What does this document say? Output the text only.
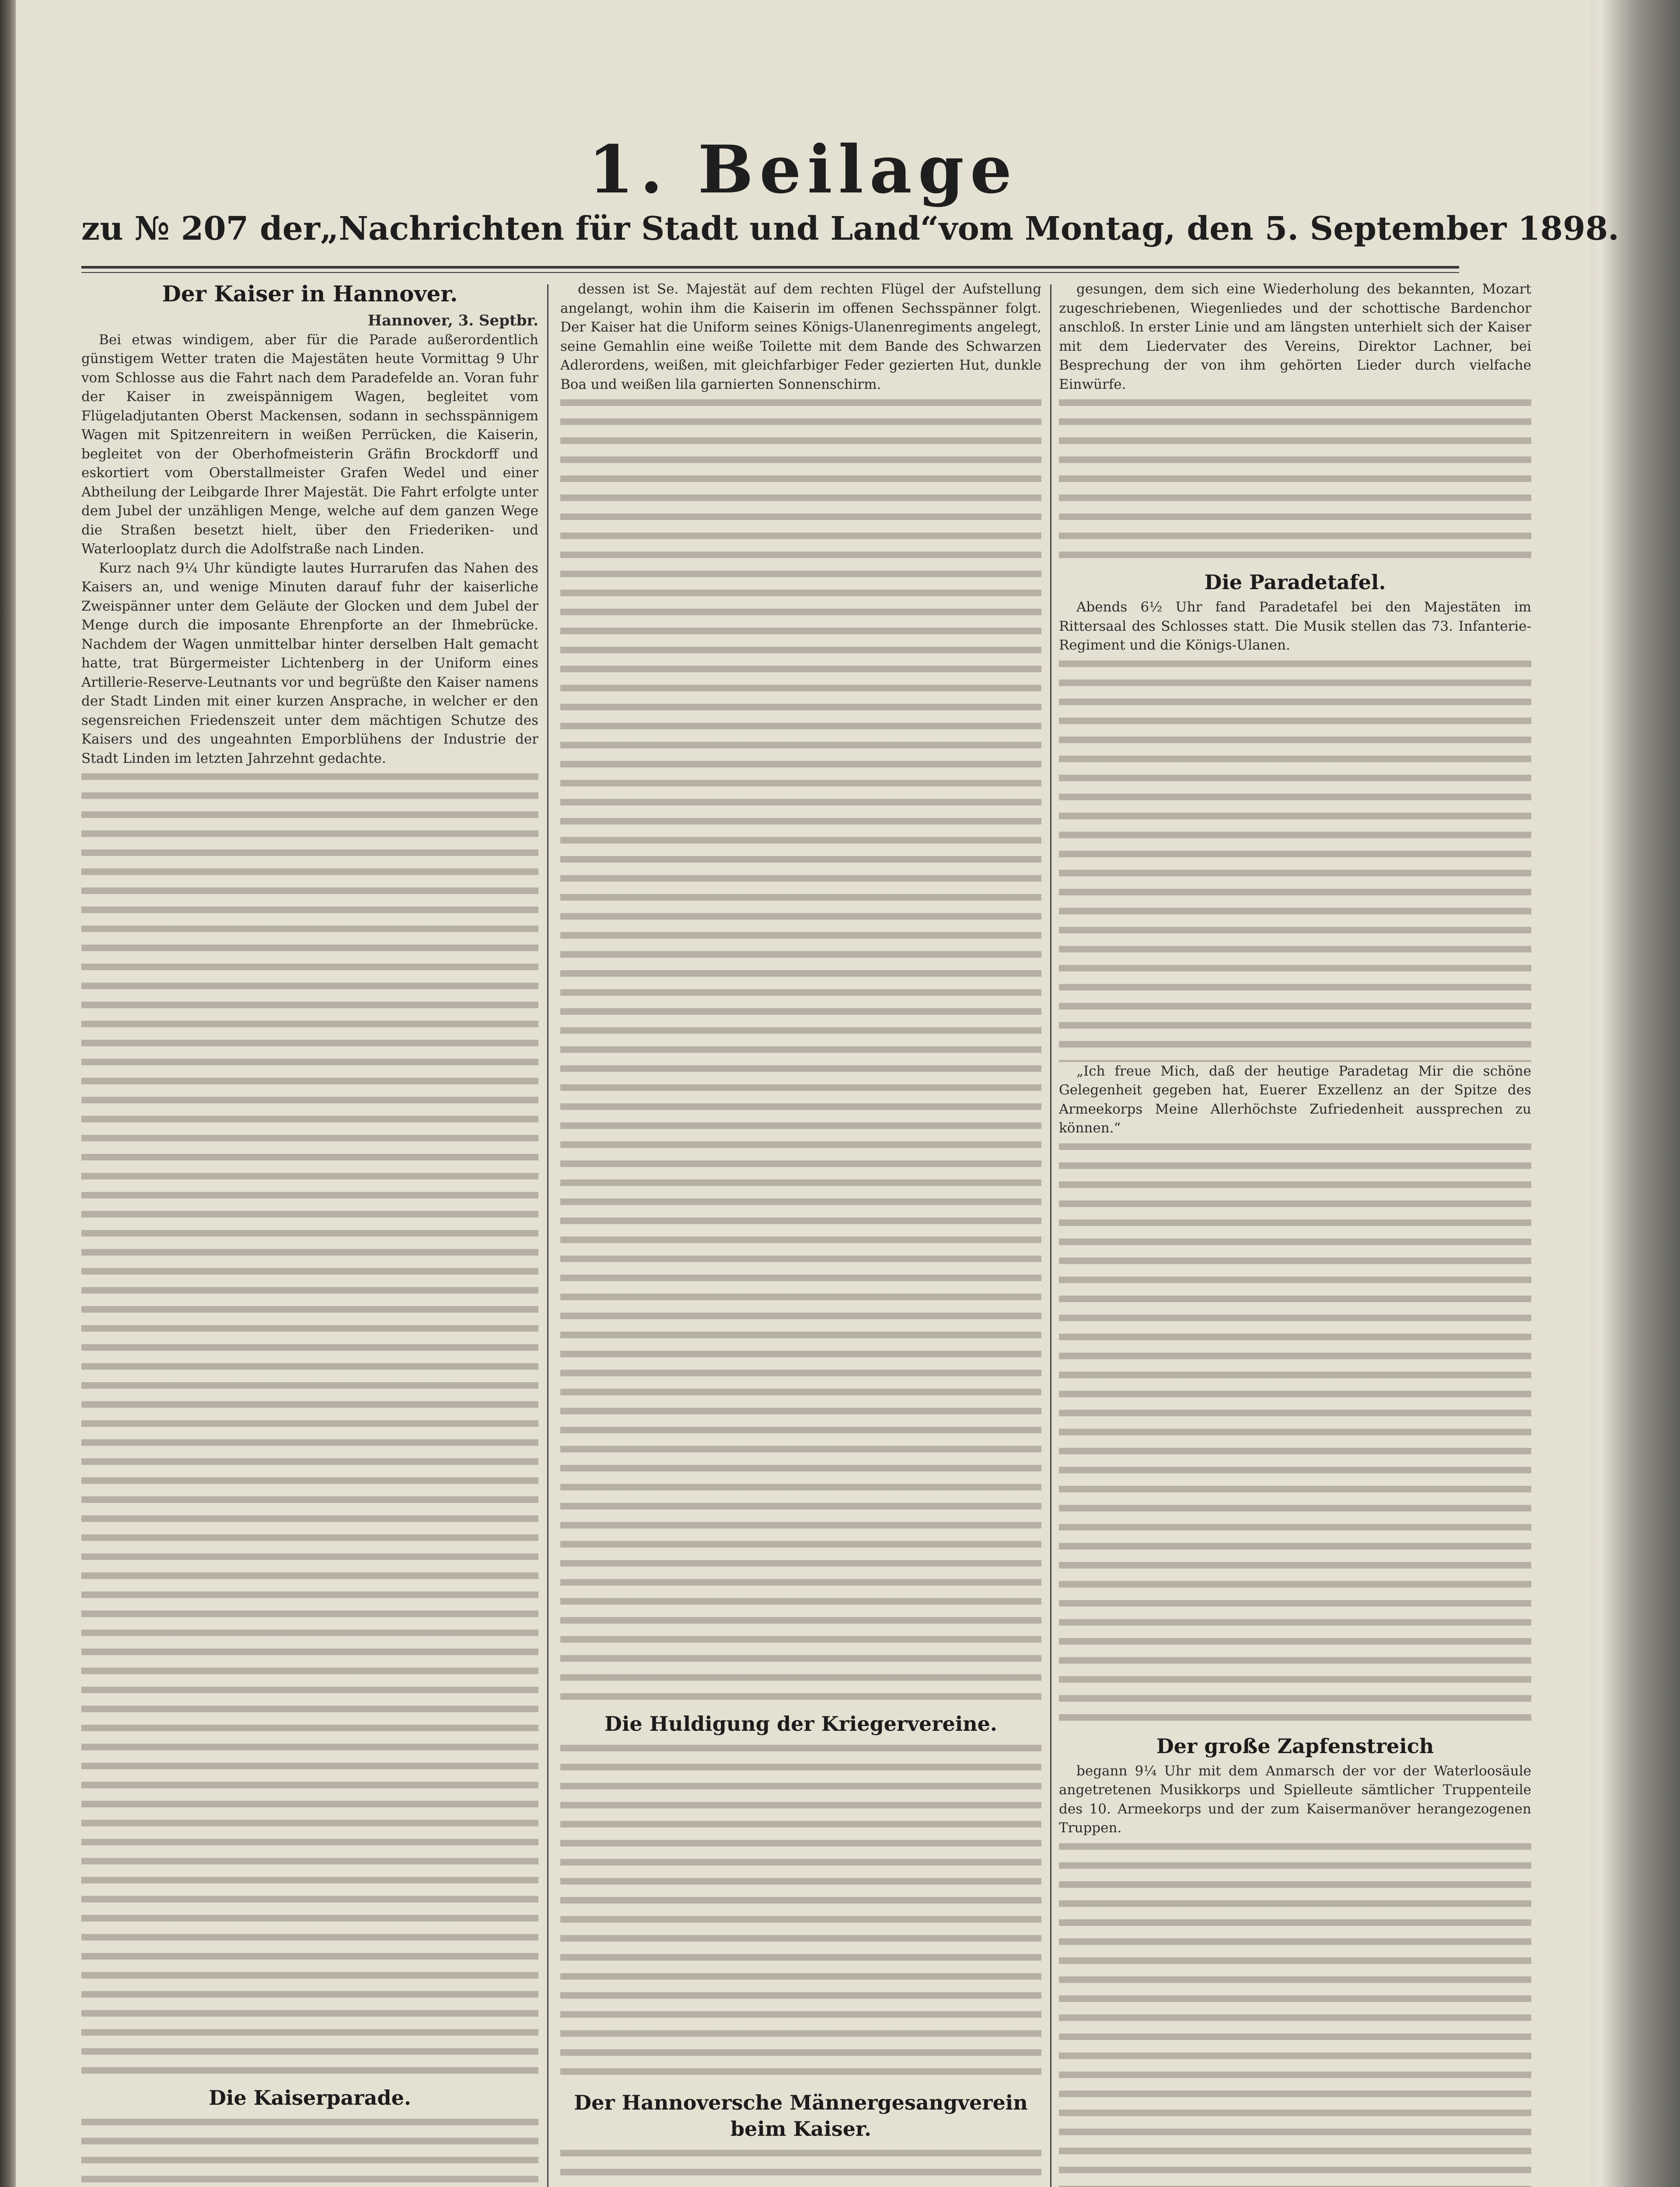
1. Beilage
zu № 207 der „Nachrichten für Stadt und Land“ vom Montag, den 5. September 1898.
Der Kaiser in Hannover.
Hannover, 3. Septbr.

Bei etwas windigem, aber für die Parade außerordentlich günstigem Wetter traten die Majestäten heute Vormittag 9 Uhr vom Schlosse aus die Fahrt nach dem Paradefelde an. Voran fuhr der Kaiser in zweispännigem Wagen, begleitet vom Flügeladjutanten Oberst Mackensen, sodann in sechsspännigem Wagen mit Spitzenreitern in weißen Perrücken, die Kaiserin, begleitet von der Oberhofmeisterin Gräfin Brockdorff und eskortiert vom Oberstallmeister Grafen Wedel und einer Abtheilung der Leibgarde Ihrer Majestät. Die Fahrt erfolgte unter dem Jubel der unzähligen Menge, welche auf dem ganzen Wege die Straßen besetzt hielt, über den Friederiken- und Waterlooplatz durch die Adolfstraße nach Linden.

Kurz nach 9¼ Uhr kündigte lautes Hurrarufen das Nahen des Kaisers an, und wenige Minuten darauf fuhr der kaiserliche Zweispänner unter dem Geläute der Glocken und dem Jubel der Menge durch die imposante Ehrenpforte an der Ihmebrücke. Nachdem der Wagen unmittelbar hinter derselben Halt gemacht hatte, trat Bürgermeister Lichtenberg in der Uniform eines Artillerie-Reserve-Leutnants vor und begrüßte den Kaiser namens der Stadt Linden mit einer kurzen Ansprache, in welcher er den segensreichen Friedenszeit unter dem mächtigen Schutze des Kaisers und des ungeahnten Emporblühens der Industrie der Stadt Linden im letzten Jahrzehnt gedachte.

Die Kaiserparade.

dessen ist Se. Majestät auf dem rechten Flügel der Aufstellung angelangt, wohin ihm die Kaiserin im offenen Sechsspänner folgt. Der Kaiser hat die Uniform seines Königs-Ulanenregiments angelegt, seine Gemahlin eine weiße Toilette mit dem Bande des Schwarzen Adlerordens, weißen, mit gleichfarbiger Feder gezierten Hut, dunkle Boa und weißen lila garnierten Sonnenschirm.

Die Huldigung der Kriegervereine.
Der Hannoversche Männergesangverein beim Kaiser.

gesungen, dem sich eine Wiederholung des bekannten, Mozart zugeschriebenen, Wiegenliedes und der schottische Bardenchor anschloß. In erster Linie und am längsten unterhielt sich der Kaiser mit dem Liedervater des Vereins, Direktor Lachner, bei Besprechung der von ihm gehörten Lieder durch vielfache Einwürfe.

Die Paradetafel.

Abends 6½ Uhr fand Paradetafel bei den Majestäten im Rittersaal des Schlosses statt. Die Musik stellen das 73. Infanterie-Regiment und die Königs-Ulanen.

„Ich freue Mich, daß der heutige Paradetag Mir die schöne Gelegenheit gegeben hat, Euerer Exzellenz an der Spitze des Armeekorps Meine Allerhöchste Zufriedenheit aussprechen zu können.“

Der große Zapfenstreich

begann 9¼ Uhr mit dem Anmarsch der vor der Waterloosäule angetretenen Musikkorps und Spielleute sämtlicher Truppenteile des 10. Armeekorps und der zum Kaisermanöver herangezogenen Truppen.
